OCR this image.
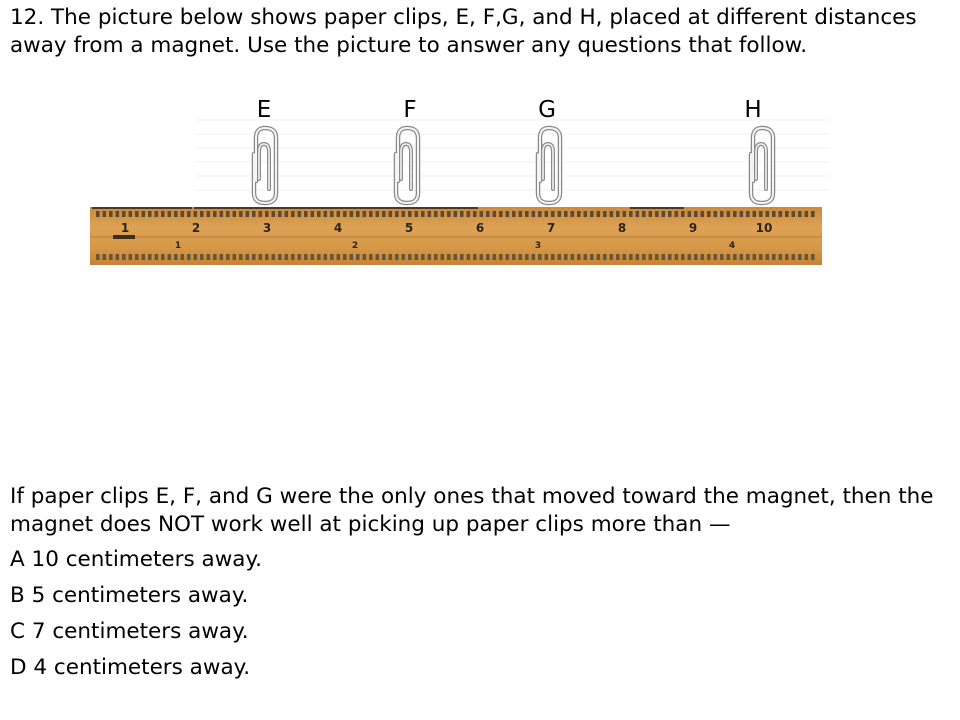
12. The picture below shows paper clips, E, F,G, and H, placed at different distances away from a magnet. Use the picture to answer any questions that follow.

E	F	G	H
1	2	3	4	5	6	7	8	9	10
1	2	3	4

If paper clips E, F, and G were the only ones that moved toward the magnet, then the magnet does NOT work well at picking up paper clips more than —

A 10 centimeters away.
B 5 centimeters away.
C 7 centimeters away.
D 4 centimeters away.
